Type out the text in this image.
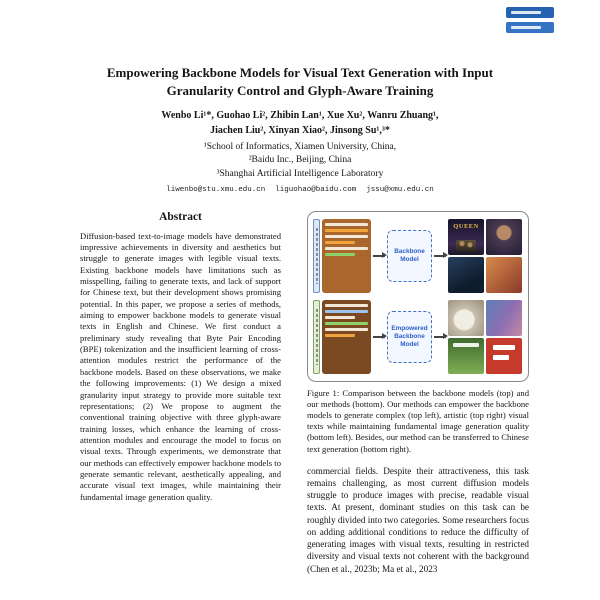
Empowering Backbone Models for Visual Text Generation with Input Granularity Control and Glyph-Aware Training
Wenbo Li¹*, Guohao Li², Zhibin Lan¹, Xue Xu², Wanru Zhuang¹,
Jiachen Liu², Xinyan Xiao², Jinsong Su¹,³*
¹School of Informatics, Xiamen University, China,
²Baidu Inc., Beijing, China
³Shanghai Artificial Intelligence Laboratory
liwenbo@stu.xmu.edu.cn liguohao@baidu.com jssu@xmu.edu.cn
Abstract
Diffusion-based text-to-image models have demonstrated impressive achievements in diversity and aesthetics but struggle to generate images with legible visual texts. Existing backbone models have limitations such as misspelling, failing to generate texts, and lack of support for Chinese text, but their development shows promising potential. In this paper, we propose a series of methods, aiming to empower backbone models to generate visual texts in English and Chinese. We first conduct a preliminary study revealing that Byte Pair Encoding (BPE) tokenization and the insufficient learning of cross-attention modules restrict the performance of the backbone models. Based on these observations, we make the following improvements: (1) We design a mixed granularity input strategy to provide more suitable text representations; (2) We propose to augment the conventional training objective with three glyph-aware training losses, which enhance the learning of cross-attention modules and encourage the model to focus on visual texts. Through experiments, we demonstrate that our methods can effectively empower backbone models to generate semantic relevant, aesthetically appealing, and accurate visual text images, while maintaining their fundamental image generation quality.
Backbone Model
QUEEN
Empowered Backbone Model
Figure 1: Comparison between the backbone models (top) and our methods (bottom). Our methods can empower the backbone models to generate complex (top left), artistic (top right) visual texts while maintaining fundamental image generation quality (bottom left). Besides, our method can be transferred to Chinese text generation (bottom right).
commercial fields. Despite their attractiveness, this task remains challenging, as most current diffusion models struggle to produce images with precise, readable visual texts. At present, dominant studies on this task can be roughly divided into two categories. Some researchers focus on adding additional conditions to reduce the difficulty of generating images with visual texts, resulting in restricted diversity and visual texts not coherent with the background (Chen et al., 2023b; Ma et al., 2023
